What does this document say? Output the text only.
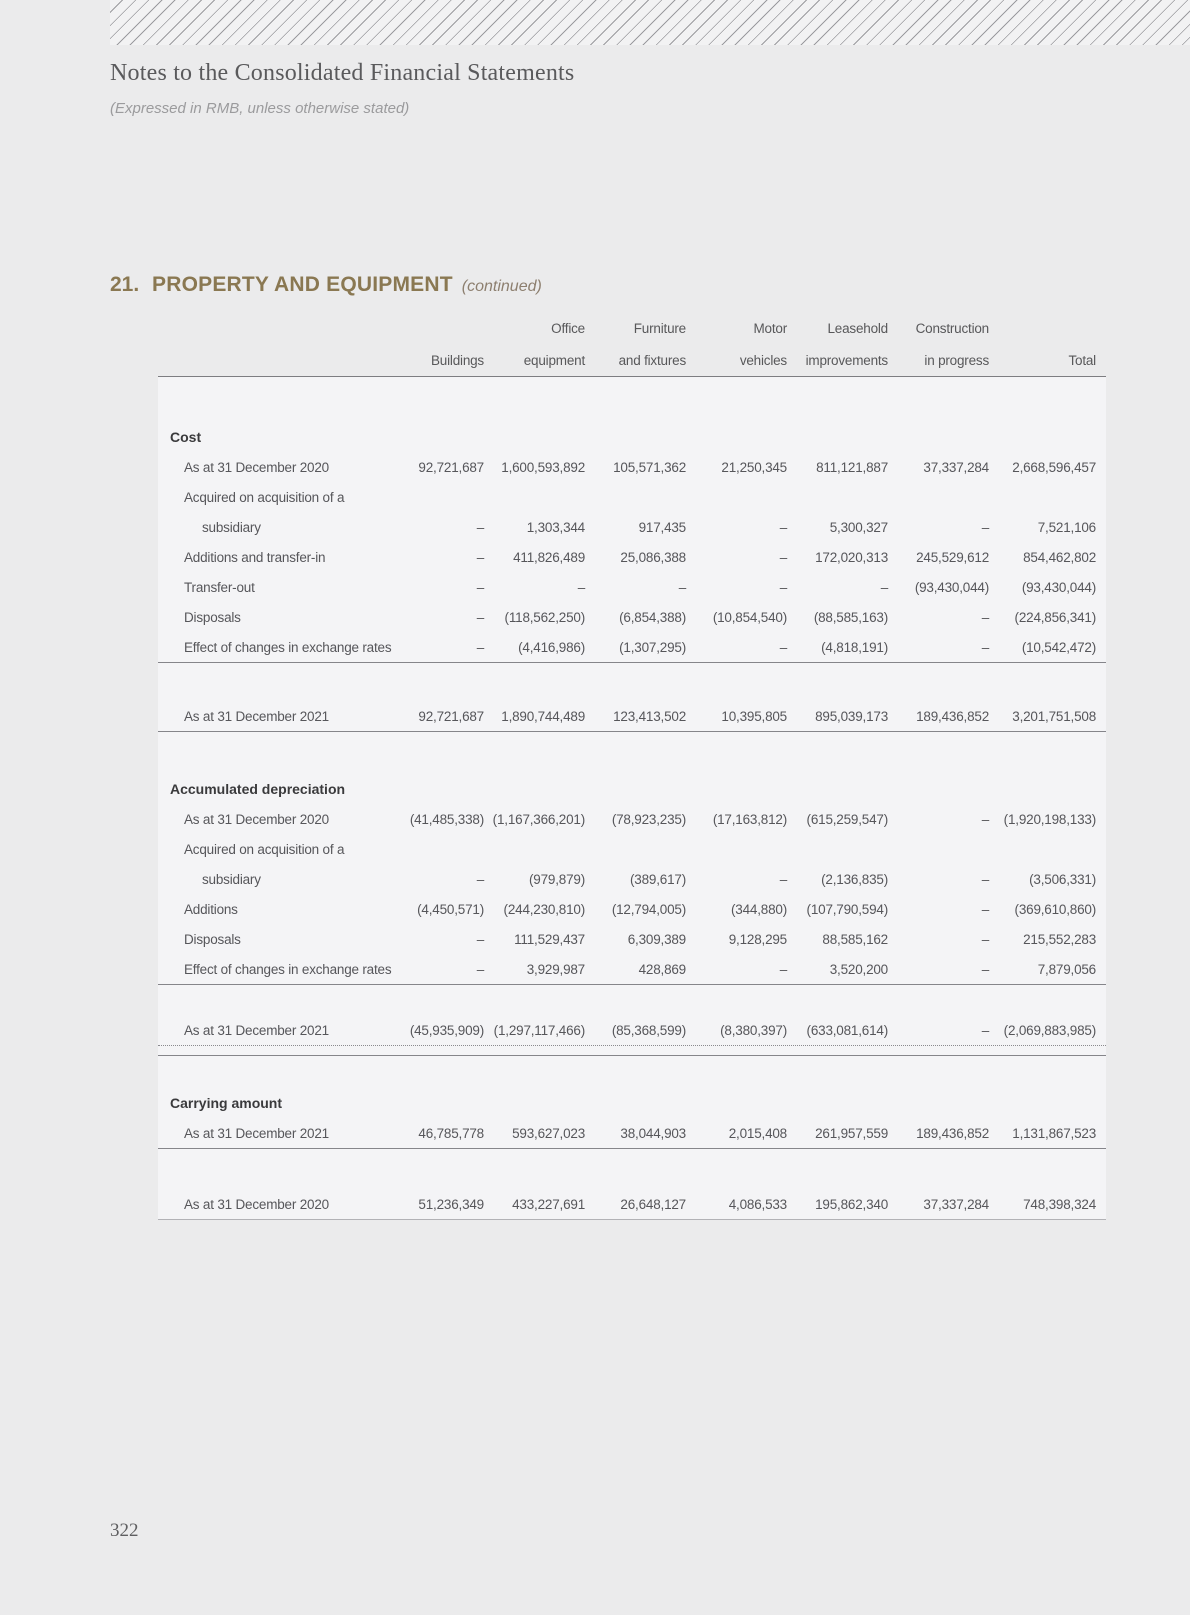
Notes to the Consolidated Financial Statements

(Expressed in RMB, unless otherwise stated)

21. PROPERTY AND EQUIPMENT (continued)
Office	Furniture	Motor	Leasehold	Construction
Buildings	equipment	and fixtures	vehicles	improvements	in progress	Total
Cost
As at 31 December 2020	92,721,687	1,600,593,892	105,571,362	21,250,345	811,121,887	37,337,284	2,668,596,457
Acquired on acquisition of a
subsidiary	–	1,303,344	917,435	–	5,300,327	–	7,521,106
Additions and transfer-in	–	411,826,489	25,086,388	–	172,020,313	245,529,612	854,462,802
Transfer-out	–	–	–	–	–	(93,430,044)	(93,430,044)
Disposals	–	(118,562,250)	(6,854,388)	(10,854,540)	(88,585,163)	–	(224,856,341)
Effect of changes in exchange rates	–	(4,416,986)	(1,307,295)	–	(4,818,191)	–	(10,542,472)
As at 31 December 2021	92,721,687	1,890,744,489	123,413,502	10,395,805	895,039,173	189,436,852	3,201,751,508
Accumulated depreciation
As at 31 December 2020	(41,485,338) (1,167,366,201)	(78,923,235)	(17,163,812)	(615,259,547)	–	(1,920,198,133)
Acquired on acquisition of a
subsidiary	–	(979,879)	(389,617)	–	(2,136,835)	–	(3,506,331)
Additions	(4,450,571)	(244,230,810)	(12,794,005)	(344,880)	(107,790,594)	–	(369,610,860)
Disposals	–	111,529,437	6,309,389	9,128,295	88,585,162	–	215,552,283
Effect of changes in exchange rates	–	3,929,987	428,869	–	3,520,200	–	7,879,056
As at 31 December 2021	(45,935,909) (1,297,117,466)	(85,368,599)	(8,380,397)	(633,081,614)	–	(2,069,883,985)
Carrying amount
As at 31 December 2021	46,785,778	593,627,023	38,044,903	2,015,408	261,957,559	189,436,852	1,131,867,523
As at 31 December 2020	51,236,349	433,227,691	26,648,127	4,086,533	195,862,340	37,337,284	748,398,324
322
